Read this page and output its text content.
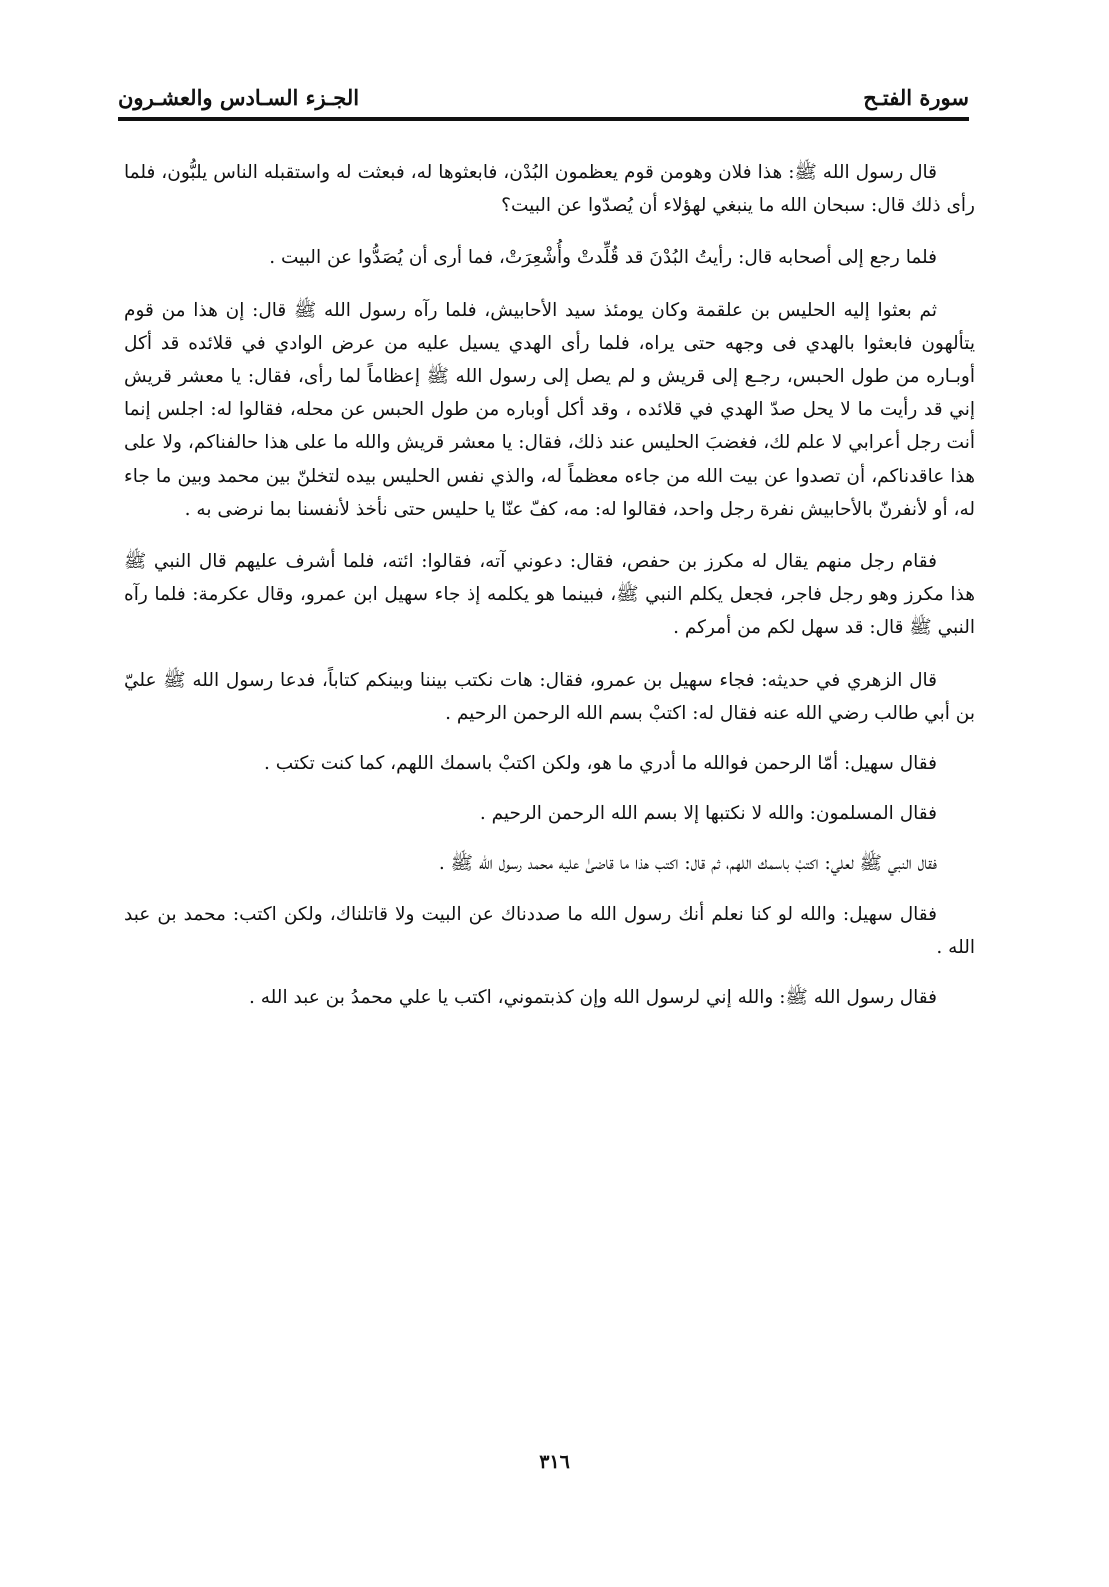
سورة الفتـح
الجـزء السـادس والعشـرون

قال رسول الله ﷺ: هذا فلان وهومن قوم يعظمون البُدْن، فابعثوها له، فبعثت له واستقبله الناس يلبُّون، فلما رأى ذلك قال: سبحان الله ما ينبغي لهؤلاء أن يُصدّوا عن البيت؟

فلما رجع إلى أصحابه قال: رأيتُ البُدْنَ قد قُلِّدتْ وأُشْعِرَتْ، فما أرى أن يُصَدُّوا عن البيت .

ثم بعثوا إليه الحليس بن علقمة وكان يومئذ سيد الأحابيش، فلما رآه رسول الله ﷺ قال: إن هذا من قوم يتألهون فابعثوا بالهدي فى وجهه حتى يراه، فلما رأى الهدي يسيل عليه من عرض الوادي في قلائده قد أكل أوبـاره من طول الحبس، رجـع إلى قريش و لم يصل إلى رسول الله ﷺ إعظاماً لما رأى، فقال: يا معشر قريش إني قد رأيت ما لا يحل صدّ الهدي في قلائده ، وقد أكل أوباره من طول الحبس عن محله، فقالوا له: اجلس إنما أنت رجل أعرابي لا علم لك، فغضبَ الحليس عند ذلك، فقال: يا معشر قريش والله ما على هذا حالفناكم، ولا على هذا عاقدناكم، أن تصدوا عن بيت الله من جاءه معظماً له، والذي نفس الحليس بيده لتخلنّ بين محمد وبين ما جاء له، أو لأنفرنّ بالأحابيش نفرة رجل واحد، فقالوا له: مه، كفّ عنّا يا حليس حتى نأخذ لأنفسنا بما نرضى به .

فقام رجل منهم يقال له مكرز بن حفص، فقال: دعوني آته، فقالوا: ائته، فلما أشرف عليهم قال النبي ﷺ هذا مكرز وهو رجل فاجر، فجعل يكلم النبي ﷺ، فبينما هو يكلمه إذ جاء سهيل ابن عمرو، وقال عكرمة: فلما رآه النبي ﷺ قال: قد سهل لكم من أمركم .

قال الزهري في حديثه: فجاء سهيل بن عمرو، فقال: هات نكتب بيننا وبينكم كتاباً، فدعا رسول الله ﷺ عليّ بن أبي طالب رضي الله عنه فقال له: اكتبْ بسم الله الرحمن الرحيم .

فقال سهيل: أمّا الرحمن فوالله ما أدري ما هو، ولكن اكتبْ باسمك اللهم، كما كنت تكتب .

فقال المسلمون: والله لا نكتبها إلا بسم الله الرحمن الرحيم .

فقال النبي ﷺ لعلي: اكتبْ باسمك اللهم، ثم قال: اكتب هذا ما قاضىٰ عليه محمد رسول الله ﷺ .

فقال سهيل: والله لو كنا نعلم أنك رسول الله ما صددناك عن البيت ولا قاتلناك، ولكن اكتب: محمد بن عبد الله .

فقال رسول الله ﷺ: والله إني لرسول الله وإن كذبتموني، اكتب يا علي محمدُ بن عبد الله .

٣١٦
